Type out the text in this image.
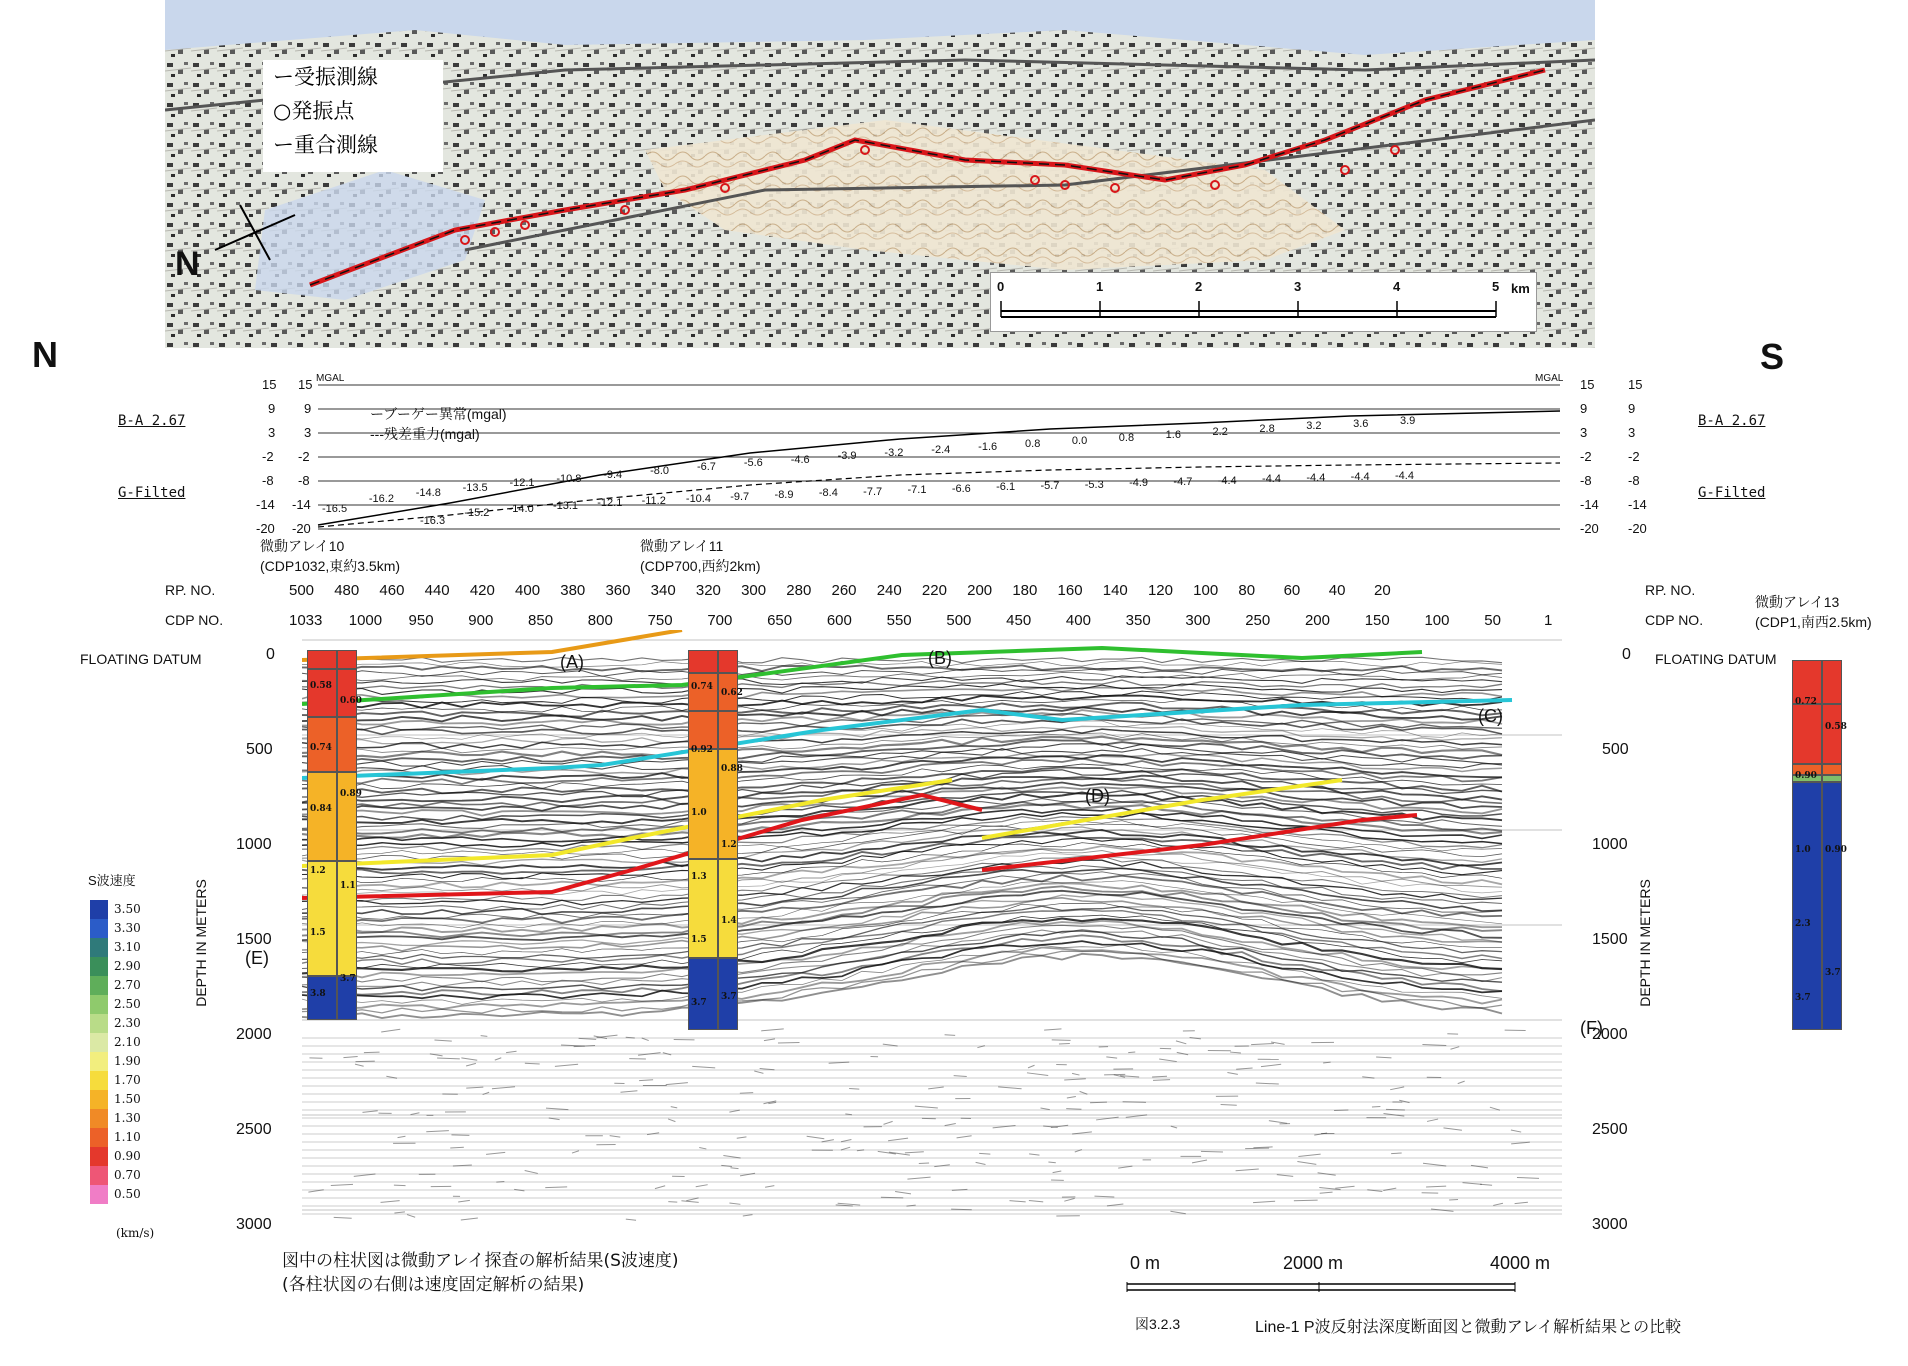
ー受振測線
○発振点
ー重合測線
N
0	1	2	3	4	5 km
N	S
B-A 2.67
G-Filted
B-A 2.67
G-Filted
MGAL	MGAL
15 15	15	15
9 9	9	9
3 3	3	3
-2 -2	-2	-2
-8 -8	-8	-8
-14 -14	-14 -14
-20 -20	-20 -20
ーブーゲー異常(mgal)
---残差重力(mgal)
-16.5
-16.2
-14.8 -13.5 -12.1 -10.8 -9.4	-8.0	-6.7	-5.6	-4.6	-3.9	-3.2	-2.4	-1.6	0.8	0.0	0.8	1.6	2.2	2.8	3.2	3.6	3.9
-16.3
-15.2 -14.0 -13.1 -12.1 -11.2 -10.4 -9.7 -8.9 -8.4 -7.7 -7.1 -6.6 -6.1 -5.7 -5.3 -4.9 -4.7 -4.4 -4.4 -4.4 -4.4 -4.4
微動アレイ10
(CDP1032,東約3.5km)
微動アレイ11
(CDP700,西約2km)
微動アレイ13
(CDP1,南西2.5km)
RP. NO.
CDP NO.
RP. NO.
CDP NO.
500 480 460 440 420 400 380 360 340 320 300 280 260 240 220 200 180 160 140 120 100 80 60 40 20
1033 1000 950 900 850 800 750 700 650 600 550 500 450 400 350 300 250 200 150 100 50	1
FLOATING DATUM	FLOATING DATUM
DEPTH IN METERS	DEPTH IN METERS
0	0
500	500
1000	1000
1500	1500
2000	2000
2500	2500
3000	3000
(A)	(B)
(C)
(D)
(E)
(F)
0.58
0.74
0.84
1.2
1.5
3.8
0.60
0.89
1.1
3.7
0.74
0.92
1.0
1.3
1.5
3.7
0.62
0.88
1.2
1.4
3.7
0.72
0.90
1.0
2.3
3.7
0.58
0.90
3.7
S波速度
3.50
3.30
3.10
2.90
2.70
2.50
2.30
2.10
1.90
1.70
1.50
1.30
1.10
0.90
0.70
0.50
(km/s)
図中の柱状図は微動アレイ探査の解析結果(S波速度)
(各柱状図の右側は速度固定解析の結果)
0 m	2000 m	4000 m
図3.2.3	Line-1 P波反射法深度断面図と微動アレイ解析結果との比較
